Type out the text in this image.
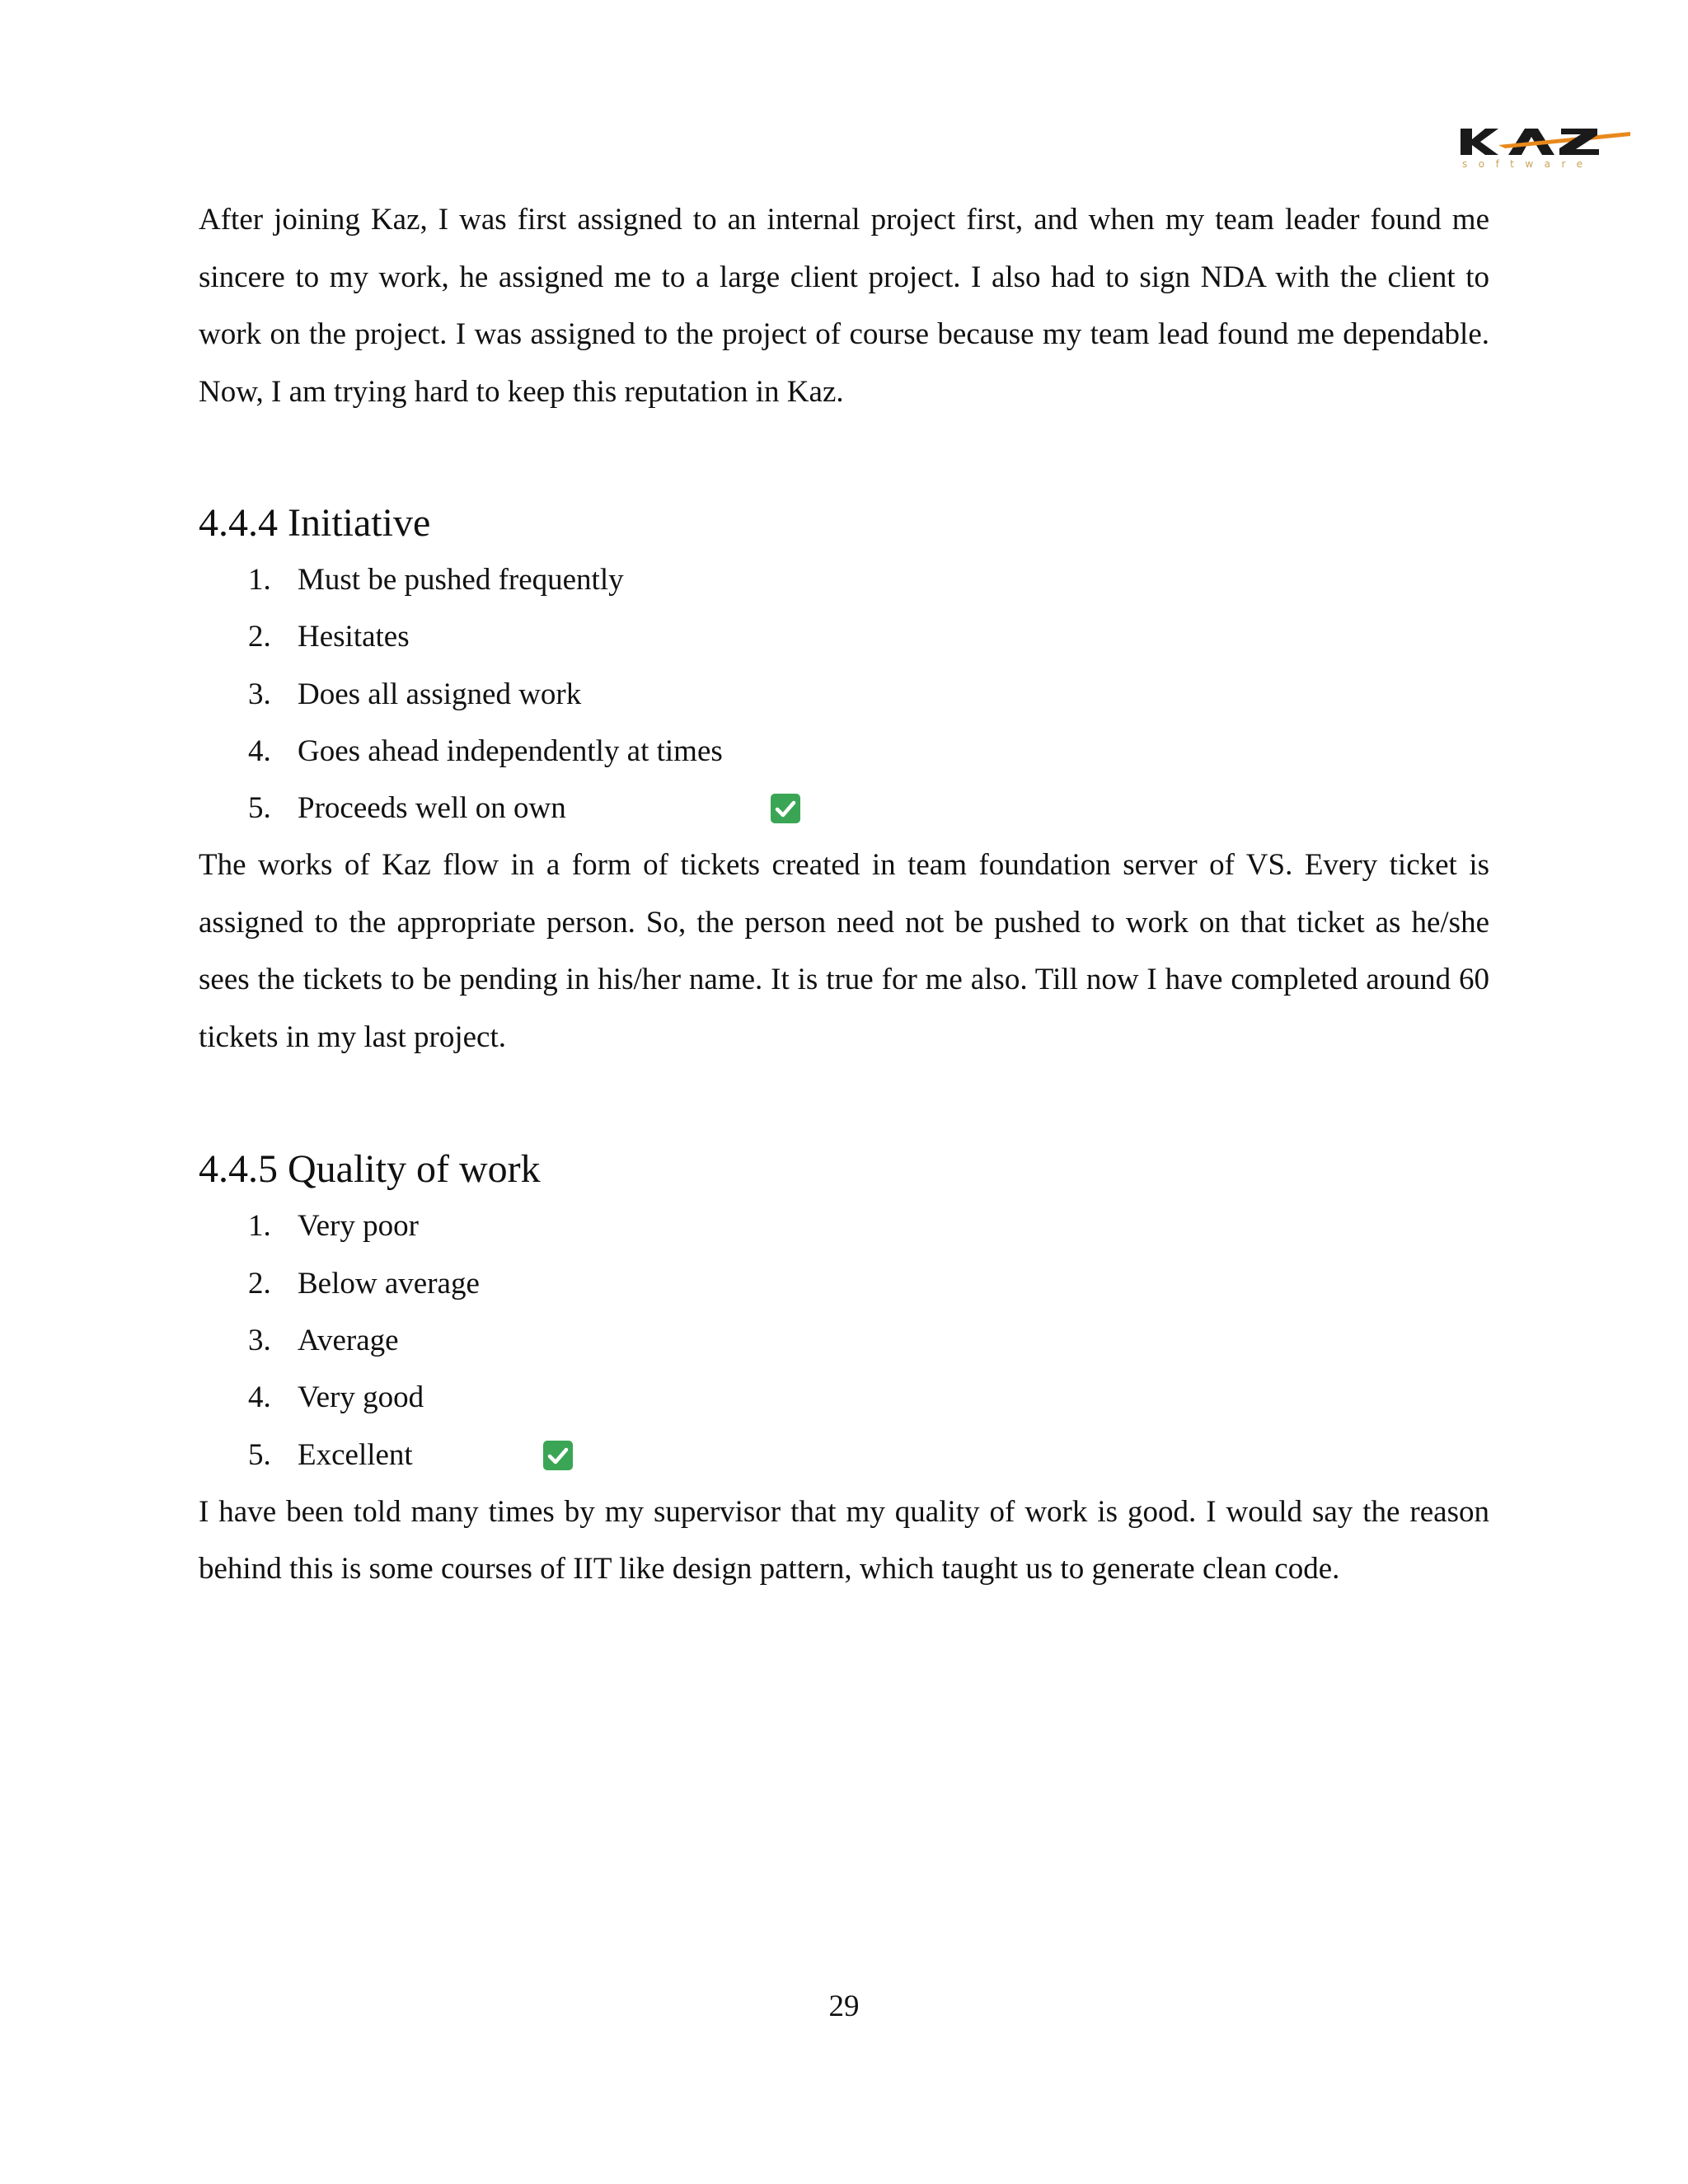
software

After joining Kaz, I was first assigned to an internal project first, and when my team leader found me sincere to my work, he assigned me to a large client project. I also had to sign NDA with the client to work on the project. I was assigned to the project of course because my team lead found me dependable. Now, I am trying hard to keep this reputation in Kaz.

4.4.4 Initiative
1. Must be pushed frequently
2. Hesitates
3. Does all assigned work
4. Goes ahead independently at times
5. Proceeds well on own

The works of Kaz flow in a form of tickets created in team foundation server of VS. Every ticket is assigned to the appropriate person. So, the person need not be pushed to work on that ticket as he/she sees the tickets to be pending in his/her name. It is true for me also. Till now I have completed around 60 tickets in my last project.

4.4.5 Quality of work
1. Very poor
2. Below average
3. Average
4. Very good
5. Excellent

I have been told many times by my supervisor that my quality of work is good. I would say the reason behind this is some courses of IIT like design pattern, which taught us to generate clean code.

29
